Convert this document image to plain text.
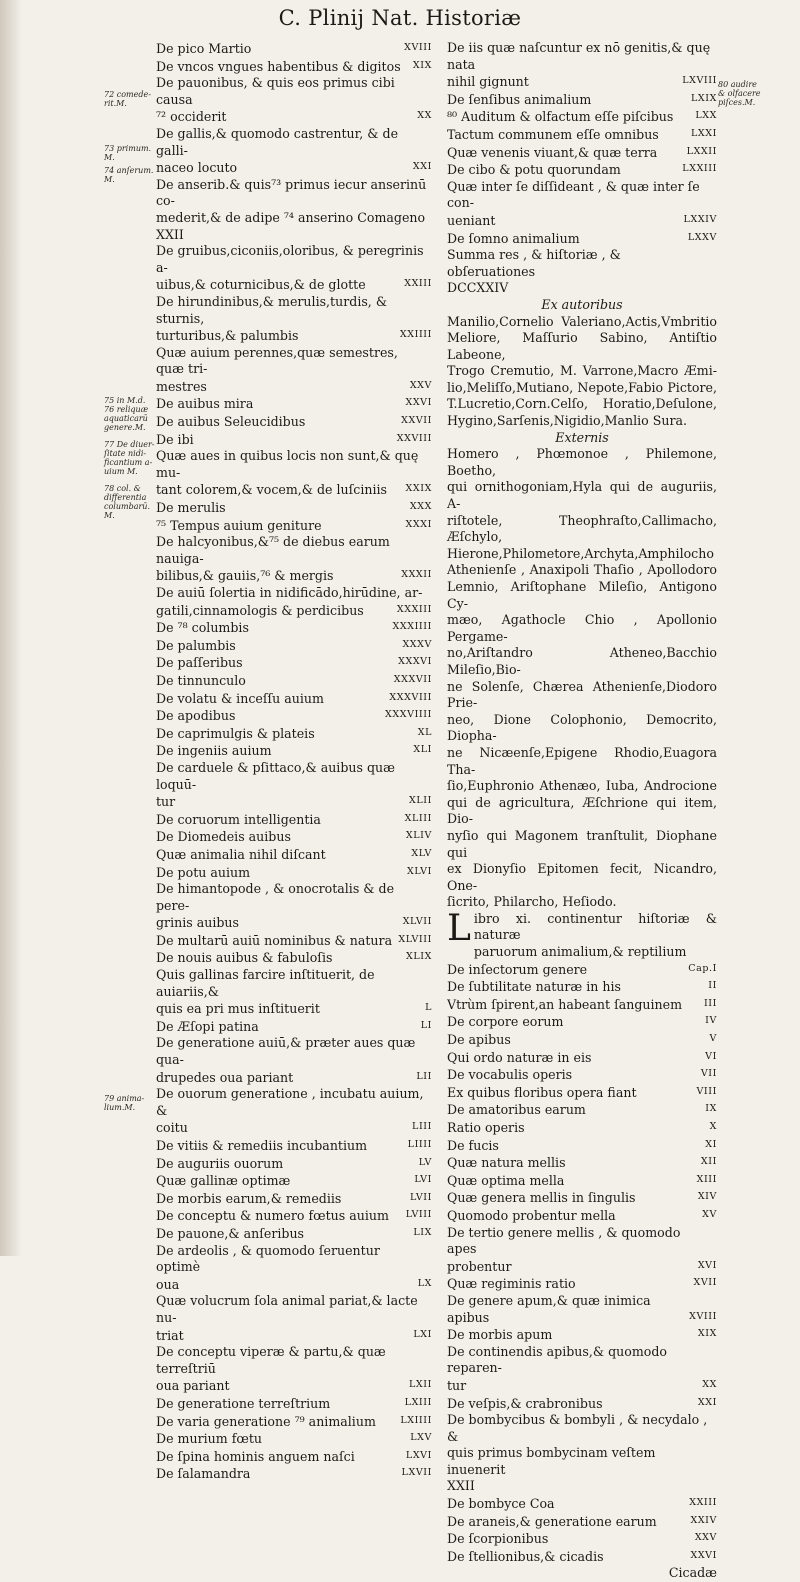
C. Plinij Nat. Historiæ
72 comede-rit.M.
73 primum. M.
74 anſerum. M.
75 in M.d. 76 reliquæ aquaticarū genere.M.
77 De diuer-ſitate nidi-ficantium a-uium M.
78 col. & differentia columbarū. M.
79 anima-lium.M.
80 audire & olfacere piſces.M.
De pico Martio	XVIII
De vncos vngues habentibus & digitos	XIX
De pauonibus, & quis eos primus cibi causa
⁷² occiderit	XX
De gallis,& quomodo castrentur, & de galli-
naceo locuto	XXI
De anserib.& quis⁷³ primus iecur anserinū co-
mederit,& de adipe ⁷⁴ anserino Comageno
XXII
De gruibus,ciconiis,oloribus, & peregrinis a-
uibus,& coturnicibus,& de glotte	XXIII
De hirundinibus,& merulis,turdis, & sturnis,
turturibus,& palumbis	XXIIII
Quæ auium perennes,quæ semestres, quæ tri-
mestres	XXV
De auibus mira	XXVI
De auibus Seleucidibus	XXVII
De ibi	XXVIII
Quæ aues in quibus locis non sunt,& quę mu-
tant colorem,& vocem,& de luſciniis	XXIX
De merulis	XXX
⁷⁵ Tempus auium geniture	XXXI
De halcyonibus,&⁷⁵ de diebus earum nauiga-
bilibus,& gauiis,⁷⁶ & mergis	XXXII
De auiū ſolertia in nidificādo,hirūdine, ar-
gatili,cinnamologis & perdicibus	XXXIII
De ⁷⁸ columbis	XXXIIII
De palumbis	XXXV
De paſſeribus	XXXVI
De tinnunculo	XXXVII
De volatu & inceſſu auium	XXXVIII
De apodibus	XXXVIIII
De caprimulgis & plateis	XL
De ingeniis auium	XLI
De carduele & pſittaco,& auibus quæ loquū-
tur	XLII
De coruorum intelligentia	XLIII
De Diomedeis auibus	XLIV
Quæ animalia nihil diſcant	XLV
De potu auium	XLVI
De himantopode , & onocrotalis & de pere-
grinis auibus	XLVII
De multarū auiū nominibus & natura XLVIII
De nouis auibus & fabuloſis	XLIX
Quis gallinas farcire inſtituerit, de auiariis,&
quis ea pri mus inſtituerit	L
De Æſopi patina	LI
De generatione auiū,& præter aues quæ qua-
drupedes oua pariant	LII
De ouorum generatione , incubatu auium, &
coitu	LIII
De vitiis & remediis incubantium	LIIII
De auguriis ouorum	LV
Quæ gallinæ optimæ	LVI
De morbis earum,& remediis	LVII
De conceptu & numero fœtus auium	LVIII
De pauone,& anſeribus	LIX
De ardeolis , & quomodo ſeruentur optimè
oua	LX
Quæ volucrum ſola animal pariat,& lacte nu-
triat	LXI
De conceptu viperæ & partu,& quæ terreſtriū
oua pariant	LXII
De generatione terreſtrium	LXIII
De varia generatione ⁷⁹ animalium	LXIIII
De murium fœtu	LXV
De ſpina hominis anguem naſci	LXVI
De ſalamandra	LXVII
De iis quæ naſcuntur ex nō genitis,& quę nata
nihil gignunt	LXVIII
De ſenſibus animalium	LXIX
⁸⁰ Auditum & olfactum eſſe piſcibus	LXX
Tactum communem eſſe omnibus	LXXI
Quæ venenis viuant,& quæ terra	LXXII
De cibo & potu quorundam	LXXIII
Quæ inter ſe diſſideant , & quæ inter ſe con-
ueniant	LXXIV
De ſomno animalium	LXXV
Summa res , & hiſtoriæ , & obſeruationes
DCCXXIV
Ex autoribus
Manilio,Cornelio Valeriano,Actis,Vmbritio
Meliore, Maſſurio Sabino, Antiſtio Labeone,
Trogo Cremutio, M. Varrone,Macro Æmi-
lio,Meliſſo,Mutiano, Nepote,Fabio Pictore,
T.Lucretio,Corn.Celſo, Horatio,Deſulone,
Hygino,Sarſenis,Nigidio,Manlio Sura.
Externis
Homero , Phœmonoe , Philemone, Boetho,
qui ornithogoniam,Hyla qui de auguriis, A-
riſtotele, Theophraſto,Callimacho, Æſchylo,
Hierone,Philometore,Archyta,Amphilocho
Athenienſe , Anaxipoli Thaſio , Apollodoro
Lemnio, Ariſtophane Mileſio, Antigono Cy-
mæo, Agathocle Chio , Apollonio Pergame-
no,Ariſtandro Atheneo,Bacchio Mileſio,Bio-
ne Solenſe, Chærea Athenienſe,Diodoro Prie-
neo, Dione Colophonio, Democrito, Diopha-
ne Nicæenſe,Epigene Rhodio,Euagora Tha-
ſio,Euphronio Athenæo, Iuba, Androcione
qui de agricultura, Æſchrione qui item, Dio-
nyſio qui Magonem tranſtulit, Diophane qui
ex Dionyſio Epitomen fecit, Nicandro, One-
ſicrito, Philarcho, Heſiodo.
L ibro xi. continentur hiſtoriæ & naturæ
paruorum animalium,& reptilium
De inſectorum genere	Cap.I
De ſubtilitate naturæ in his	II
Vtrùm ſpirent,an habeant ſanguinem	III
De corpore eorum	IV
De apibus	V
Qui ordo naturæ in eis	VI
De vocabulis operis	VII
Ex quibus floribus opera fiant	VIII
De amatoribus earum	IX
Ratio operis	X
De fucis	XI
Quæ natura mellis	XII
Quæ optima mella	XIII
Quæ genera mellis in ſingulis	XIV
Quomodo probentur mella	XV
De tertio genere mellis , & quomodo apes
probentur	XVI
Quæ regiminis ratio	XVII
De genere apum,& quæ inimica apibus	XVIII
De morbis apum	XIX
De continendis apibus,& quomodo reparen-
tur	XX
De veſpis,& crabronibus	XXI
De bombycibus & bombyli , & necydalo , &
quis primus bombycinam veſtem inuenerit
XXII
De bombyce Coa	XXIII
De araneis,& generatione earum	XXIV
De ſcorpionibus	XXV
De ſtellionibus,& cicadis	XXVI
Cicadæ
